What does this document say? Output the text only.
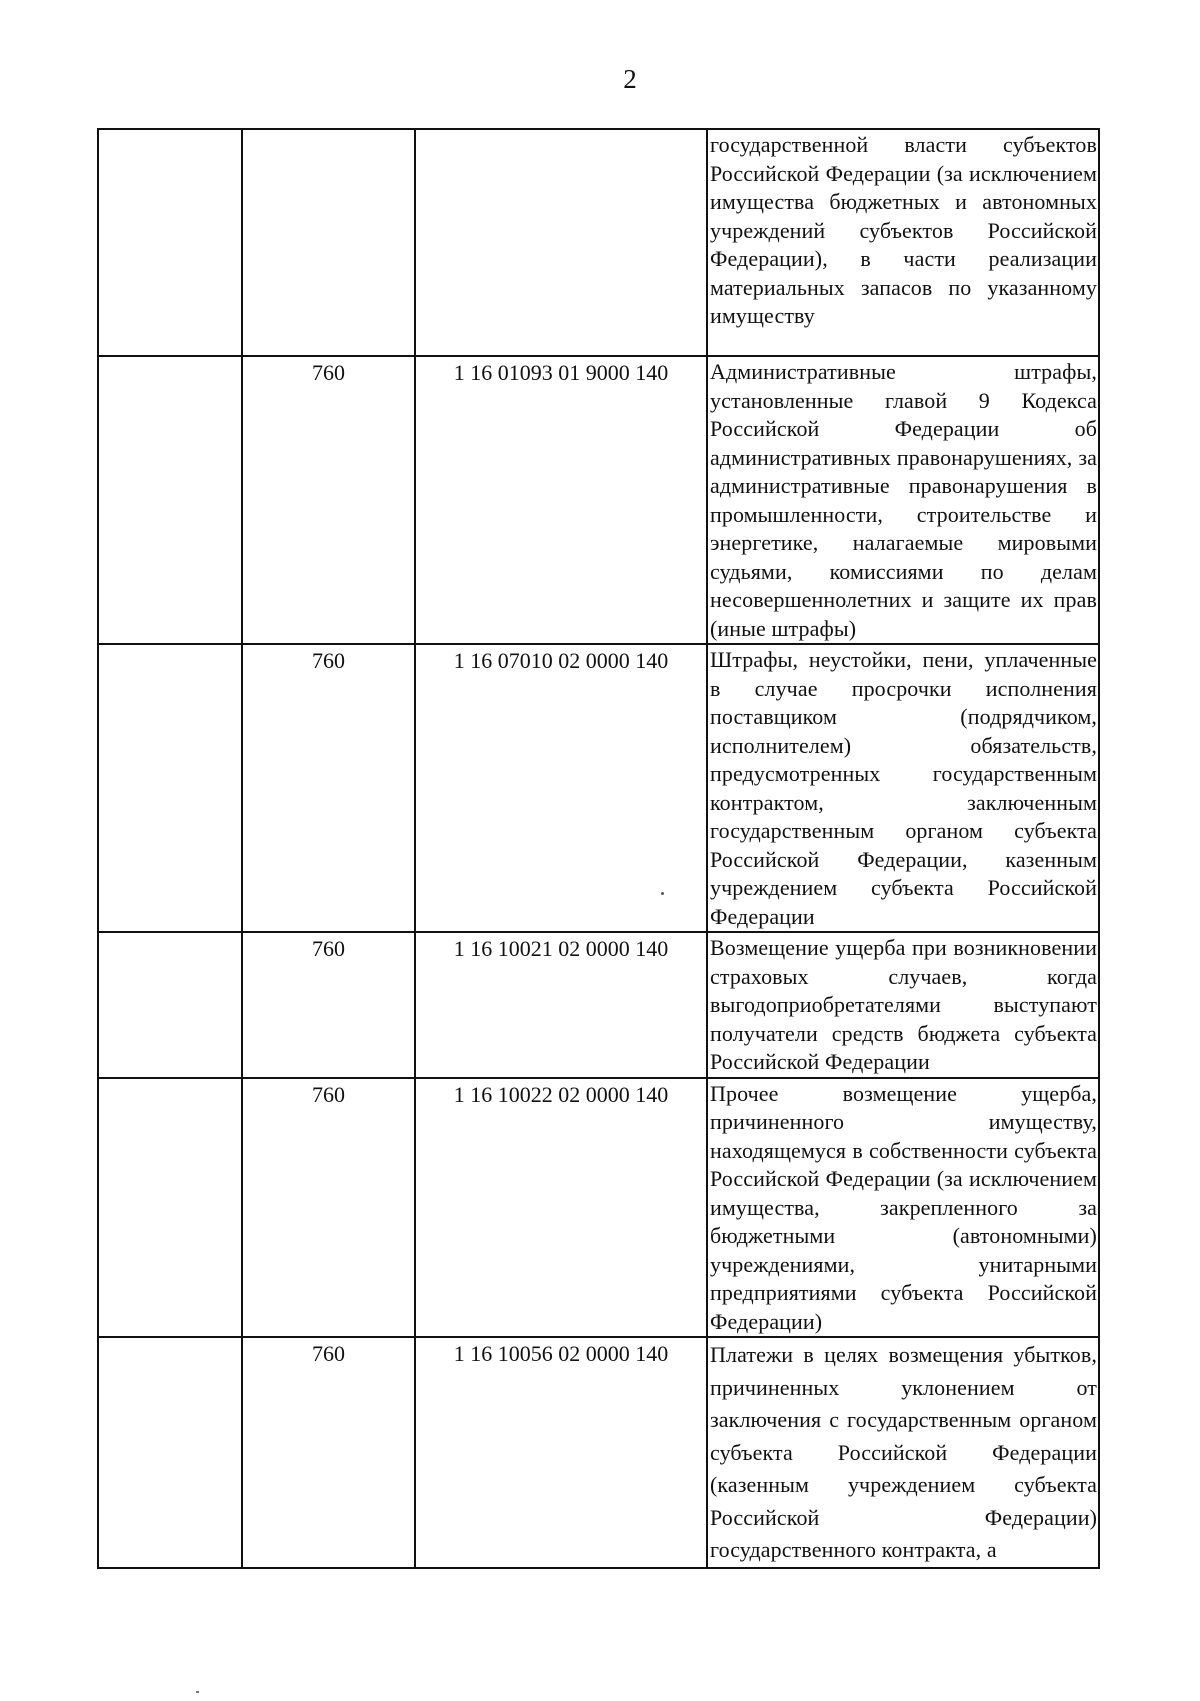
2
			государственной власти субъектов Российской Федерации (за исключением имущества бюджетных и автономных учреждений субъектов Российской Федерации), в части реализации материальных запасов по указанному имуществу
	760	1 16 01093 01 9000 140	Административные штрафы, установленные главой 9 Кодекса Российской Федерации об административных правонарушениях, за административные правонарушения в промышленности, строительстве и энергетике, налагаемые мировыми судьями, комиссиями по делам несовершеннолетних и защите их прав (иные штрафы)
	760	1 16 07010 02 0000 140	Штрафы, неустойки, пени, уплаченные в случае просрочки исполнения поставщиком (подрядчиком, исполнителем) обязательств, предусмотренных государственным контрактом, заключенным государственным органом субъекта Российской Федерации, казенным учреждением субъекта Российской Федерации
	760	1 16 10021 02 0000 140	Возмещение ущерба при возникновении страховых случаев, когда выгодоприобретателями выступают получатели средств бюджета субъекта Российской Федерации
	760	1 16 10022 02 0000 140	Прочее возмещение ущерба, причиненного имуществу, находящемуся в собственности субъекта Российской Федерации (за исключением имущества, закрепленного за бюджетными (автономными) учреждениями, унитарными предприятиями субъекта Российской Федерации)
	760	1 16 10056 02 0000 140	Платежи в целях возмещения убытков, причиненных уклонением от заключения с государственным органом субъекта Российской Федерации (казенным учреждением субъекта Российской Федерации) государственного контракта, а
